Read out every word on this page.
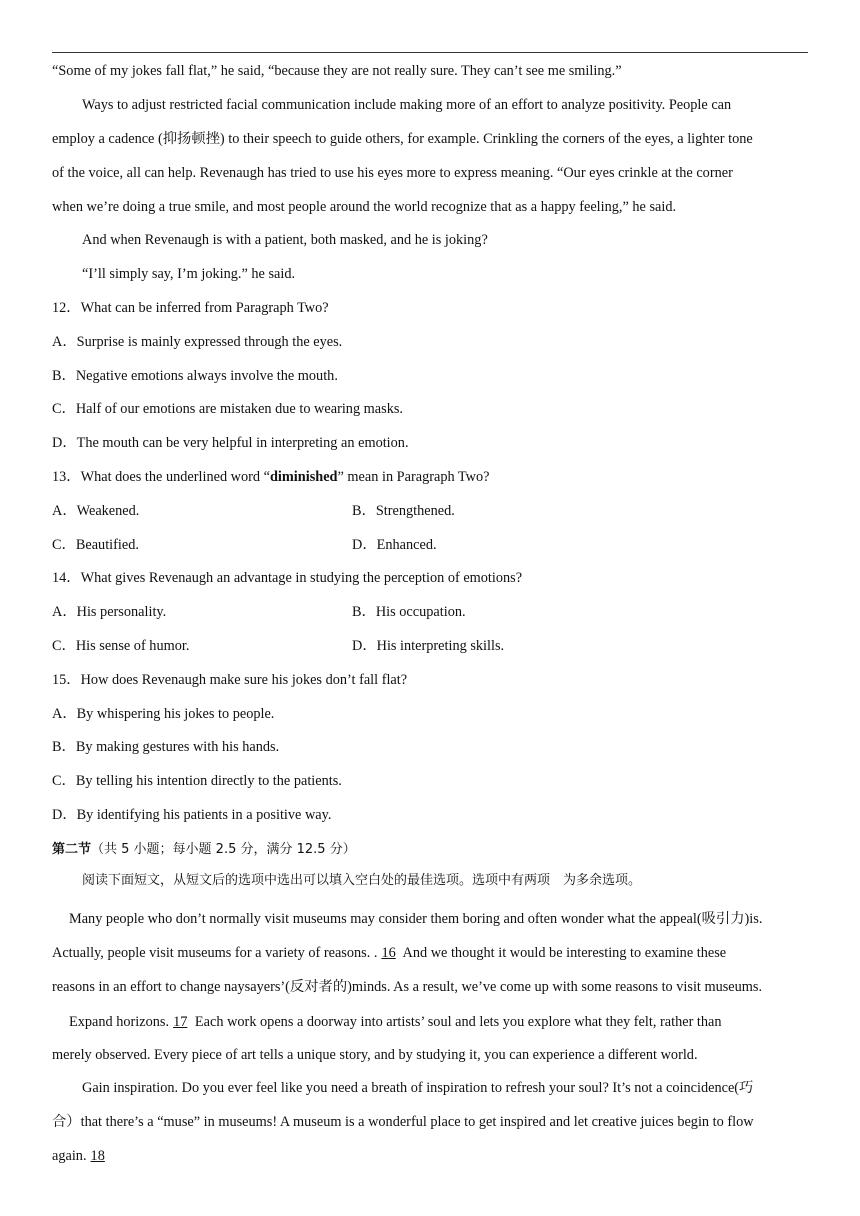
“Some of my jokes fall flat,” he said, “because they are not really sure. They can’t see me smiling.”
Ways to adjust restricted facial communication include making more of an effort to analyze positivity. People can
employ a cadence (抑扬顿挫) to their speech to guide others, for example. Crinkling the corners of the eyes, a lighter tone
of the voice, all can help. Revenaugh has tried to use his eyes more to express meaning. “Our eyes crinkle at the corner
when we’re doing a true smile, and most people around the world recognize that as a happy feeling,” he said.
And when Revenaugh is with a patient, both masked, and he is joking?
“I’ll simply say, I’m joking.” he said.
12．What can be inferred from Paragraph Two?
A．Surprise is mainly expressed through the eyes.
B．Negative emotions always involve the mouth.
C．Half of our emotions are mistaken due to wearing masks.
D．The mouth can be very helpful in interpreting an emotion.
13．What does the underlined word “diminished” mean in Paragraph Two?
A．Weakened.	B．Strengthened.
C．Beautified.	D．Enhanced.
14．What gives Revenaugh an advantage in studying the perception of emotions?
A．His personality.	B．His occupation.
C．His sense of humor.	D．His interpreting skills.
15．How does Revenaugh make sure his jokes don’t fall flat?
A．By whispering his jokes to people.
B．By making gestures with his hands.
C．By telling his intention directly to the patients.
D．By identifying his patients in a positive way.
第二节（共 5 小题；每小题 2.5 分，满分 12.5 分）
阅读下面短文，从短文后的选项中选出可以填入空白处的最佳选项。选项中有两项　为多余选项。
Many people who don’t normally visit museums may consider them boring and often wonder what the appeal(吸引力)is.
Actually, people visit museums for a variety of reasons. . 16 And we thought it would be interesting to examine these
reasons in an effort to change naysayers’(反对者的)minds. As a result, we’ve come up with some reasons to visit museums.
Expand horizons. 17 Each work opens a doorway into artists’ soul and lets you explore what they felt, rather than
merely observed. Every piece of art tells a unique story, and by studying it, you can experience a different world.
Gain inspiration. Do you ever feel like you need a breath of inspiration to refresh your soul? It’s not a coincidence(巧
合）that there’s a “muse” in museums! A museum is a wonderful place to get inspired and let creative juices begin to flow
again. 18
